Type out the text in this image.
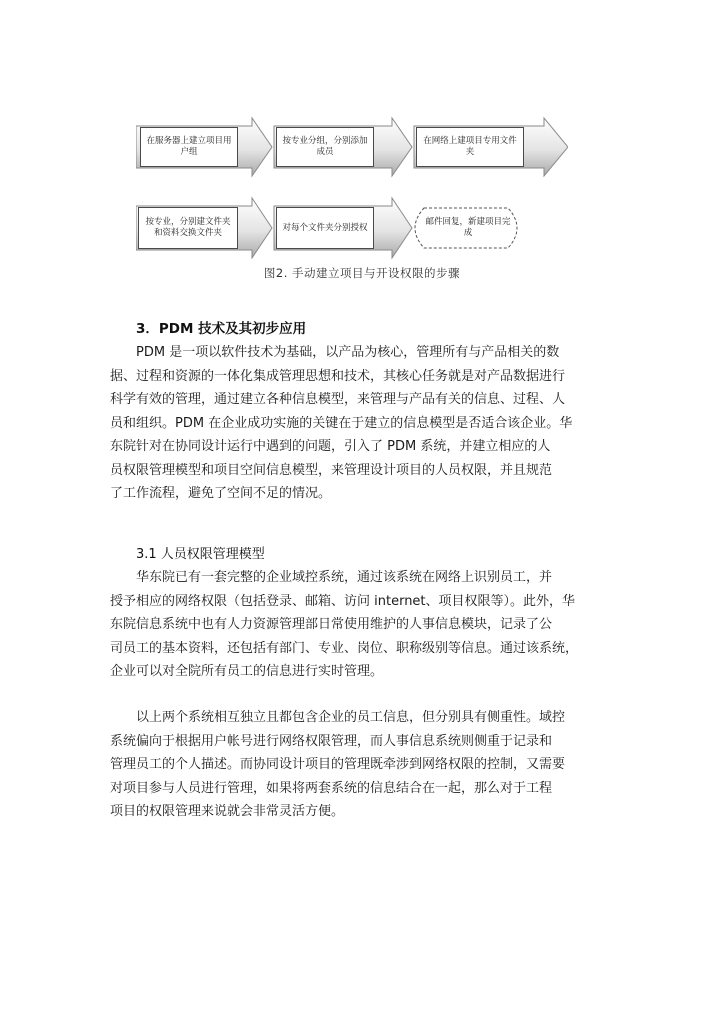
在服务器上建立项目用户组
按专业分组，分别添加成员
在网络上建项目专用文件夹
按专业，分别建文件夹和资料交换文件夹
对每个文件夹分别授权
邮件回复，新建项目完成
图2. 手动建立项目与开设权限的步骤
3．PDM 技术及其初步应用
PDM 是一项以软件技术为基础，以产品为核心，管理所有与产品相关的数
据、过程和资源的一体化集成管理思想和技术，其核心任务就是对产品数据进行
科学有效的管理，通过建立各种信息模型，来管理与产品有关的信息、过程、人
员和组织。PDM 在企业成功实施的关键在于建立的信息模型是否适合该企业。华
东院针对在协同设计运行中遇到的问题，引入了 PDM 系统，并建立相应的人
员权限管理模型和项目空间信息模型，来管理设计项目的人员权限，并且规范
了工作流程，避免了空间不足的情况。
3.1 人员权限管理模型
华东院已有一套完整的企业域控系统，通过该系统在网络上识别员工，并
授予相应的网络权限（包括登录、邮箱、访问 internet、项目权限等）。此外，华
东院信息系统中也有人力资源管理部日常使用维护的人事信息模块，记录了公
司员工的基本资料，还包括有部门、专业、岗位、职称级别等信息。通过该系统，
企业可以对全院所有员工的信息进行实时管理。
以上两个系统相互独立且都包含企业的员工信息，但分别具有侧重性。域控
系统偏向于根据用户帐号进行网络权限管理，而人事信息系统则侧重于记录和
管理员工的个人描述。而协同设计项目的管理既牵涉到网络权限的控制，又需要
对项目参与人员进行管理，如果将两套系统的信息结合在一起，那么对于工程
项目的权限管理来说就会非常灵活方便。
